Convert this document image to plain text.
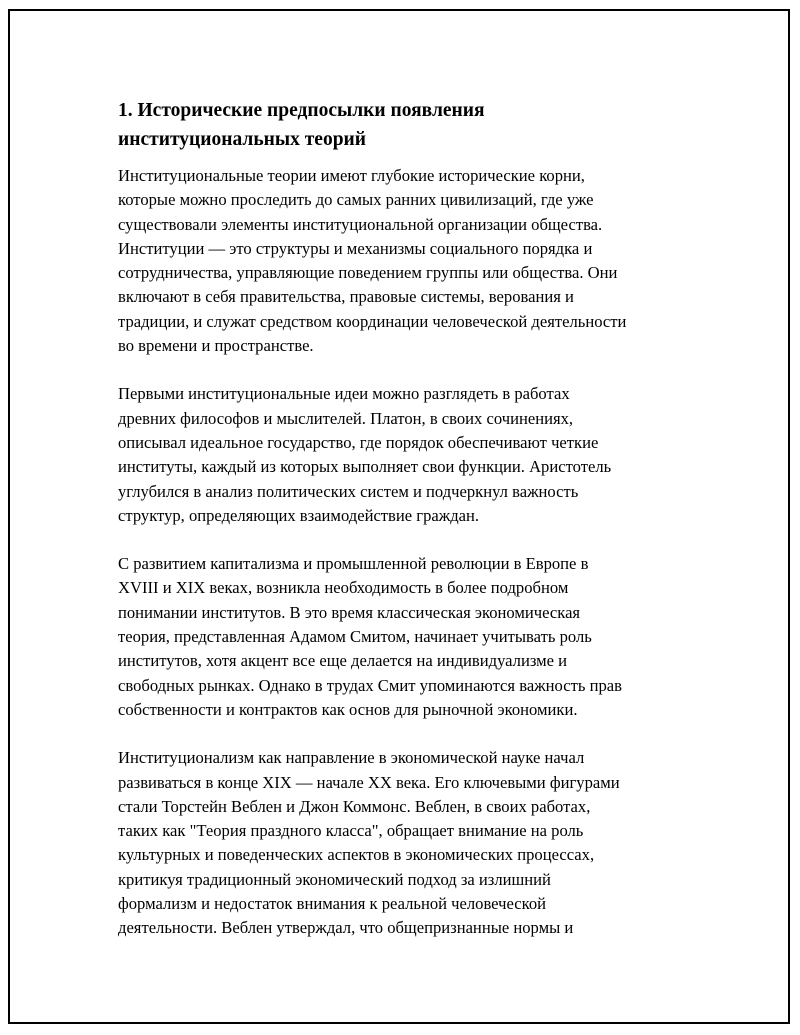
1. Исторические предпосылки появления
институциональных теорий

Институциональные теории имеют глубокие исторические корни,
которые можно проследить до самых ранних цивилизаций, где уже
существовали элементы институциональной организации общества.
Институции — это структуры и механизмы социального порядка и
сотрудничества, управляющие поведением группы или общества. Они
включают в себя правительства, правовые системы, верования и
традиции, и служат средством координации человеческой деятельности
во времени и пространстве.

Первыми институциональные идеи можно разглядеть в работах
древних философов и мыслителей. Платон, в своих сочинениях,
описывал идеальное государство, где порядок обеспечивают четкие
институты, каждый из которых выполняет свои функции. Аристотель
углубился в анализ политических систем и подчеркнул важность
структур, определяющих взаимодействие граждан.

С развитием капитализма и промышленной революции в Европе в
XVIII и XIX веках, возникла необходимость в более подробном
понимании институтов. В это время классическая экономическая
теория, представленная Адамом Смитом, начинает учитывать роль
институтов, хотя акцент все еще делается на индивидуализме и
свободных рынках. Однако в трудах Смит упоминаются важность прав
собственности и контрактов как основ для рыночной экономики.

Институционализм как направление в экономической науке начал
развиваться в конце XIX — начале XX века. Его ключевыми фигурами
стали Торстейн Веблен и Джон Коммонс. Веблен, в своих работах,
таких как "Теория праздного класса", обращает внимание на роль
культурных и поведенческих аспектов в экономических процессах,
критикуя традиционный экономический подход за излишний
формализм и недостаток внимания к реальной человеческой
деятельности. Веблен утверждал, что общепризнанные нормы и
